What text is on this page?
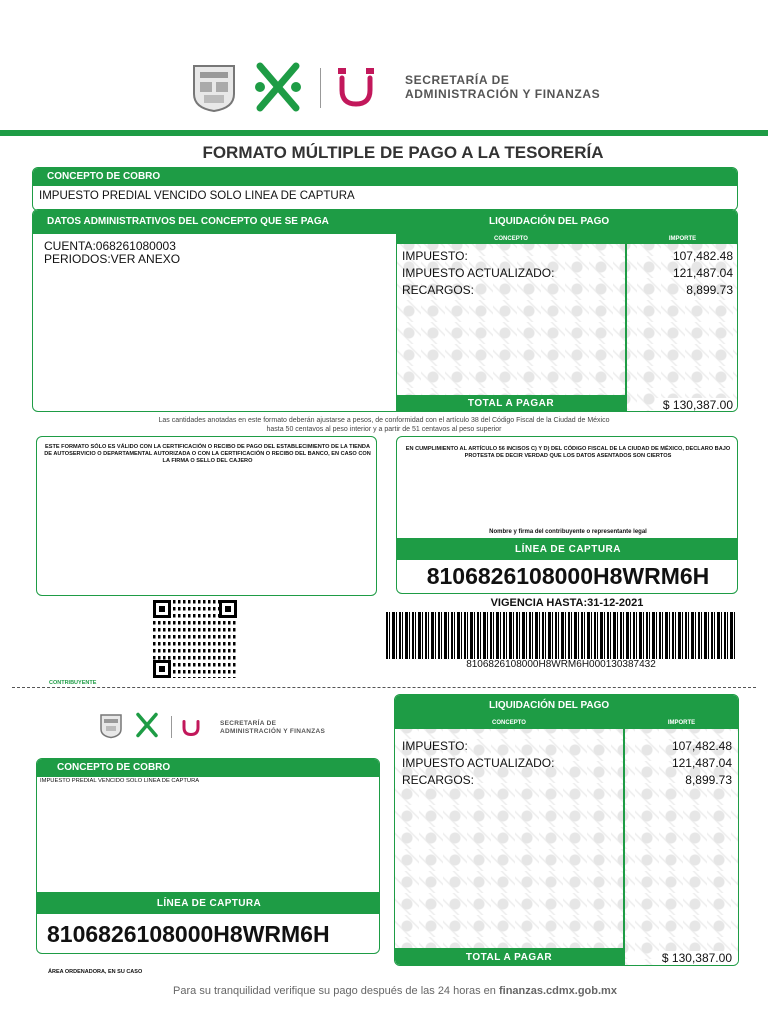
SECRETARÍA DE
ADMINISTRACIÓN Y FINANZAS
FORMATO MÚLTIPLE DE PAGO A LA TESORERÍA
CONCEPTO DE COBRO
IMPUESTO PREDIAL VENCIDO SOLO LINEA DE CAPTURA
DATOS ADMINISTRATIVOS DEL CONCEPTO QUE SE PAGA	LIQUIDACIÓN DEL PAGO
CUENTA:068261080003
PERIODOS:VER ANEXO
CONCEPTO	IMPORTE
IMPUESTO:	107,482.48
IMPUESTO ACTUALIZADO:	121,487.04
RECARGOS:	8,899.73
TOTAL A PAGAR	$ 130,387.00
Las cantidades anotadas en este formato deberán ajustarse a pesos, de conformidad con el artículo 38 del Código Fiscal de la Ciudad de México
hasta 50 centavos al peso interior y a partir de 51 centavos al peso superior
ESTE FORMATO SÓLO ES VÁLIDO CON LA CERTIFICACIÓN O RECIBO DE PAGO DEL ESTABLECIMIENTO DE LA TIENDA DE AUTOSERVICIO O DEPARTAMENTAL AUTORIZADA O CON LA CERTIFICACIÓN O RECIBO DEL BANCO, EN CASO CON LA FIRMA O SELLO DEL CAJERO
EN CUMPLIMIENTO AL ARTÍCULO 56 INCISOS C) Y D) DEL CÓDIGO FISCAL DE LA CIUDAD DE MÉXICO, DECLARO BAJO PROTESTA DE DECIR VERDAD QUE LOS DATOS ASENTADOS SON CIERTOS
Nombre y firma del contribuyente o representante legal
LÍNEA DE CAPTURA
8106826108000H8WRM6H
VIGENCIA HASTA:31-12-2021
8106826108000H8WRM6H000130387432
CONTRIBUYENTE
SECRETARÍA DE
ADMINISTRACIÓN Y FINANZAS
CONCEPTO DE COBRO
IMPUESTO PREDIAL VENCIDO SOLO LINEA DE CAPTURA
LÍNEA DE CAPTURA
8106826108000H8WRM6H
ÁREA ORDENADORA, EN SU CASO
LIQUIDACIÓN DEL PAGO
CONCEPTO	IMPORTE
IMPUESTO:	107,482.48
IMPUESTO ACTUALIZADO:	121,487.04
RECARGOS:	8,899.73
TOTAL A PAGAR	$ 130,387.00
Para su tranquilidad verifique su pago después de las 24 horas en finanzas.cdmx.gob.mx
